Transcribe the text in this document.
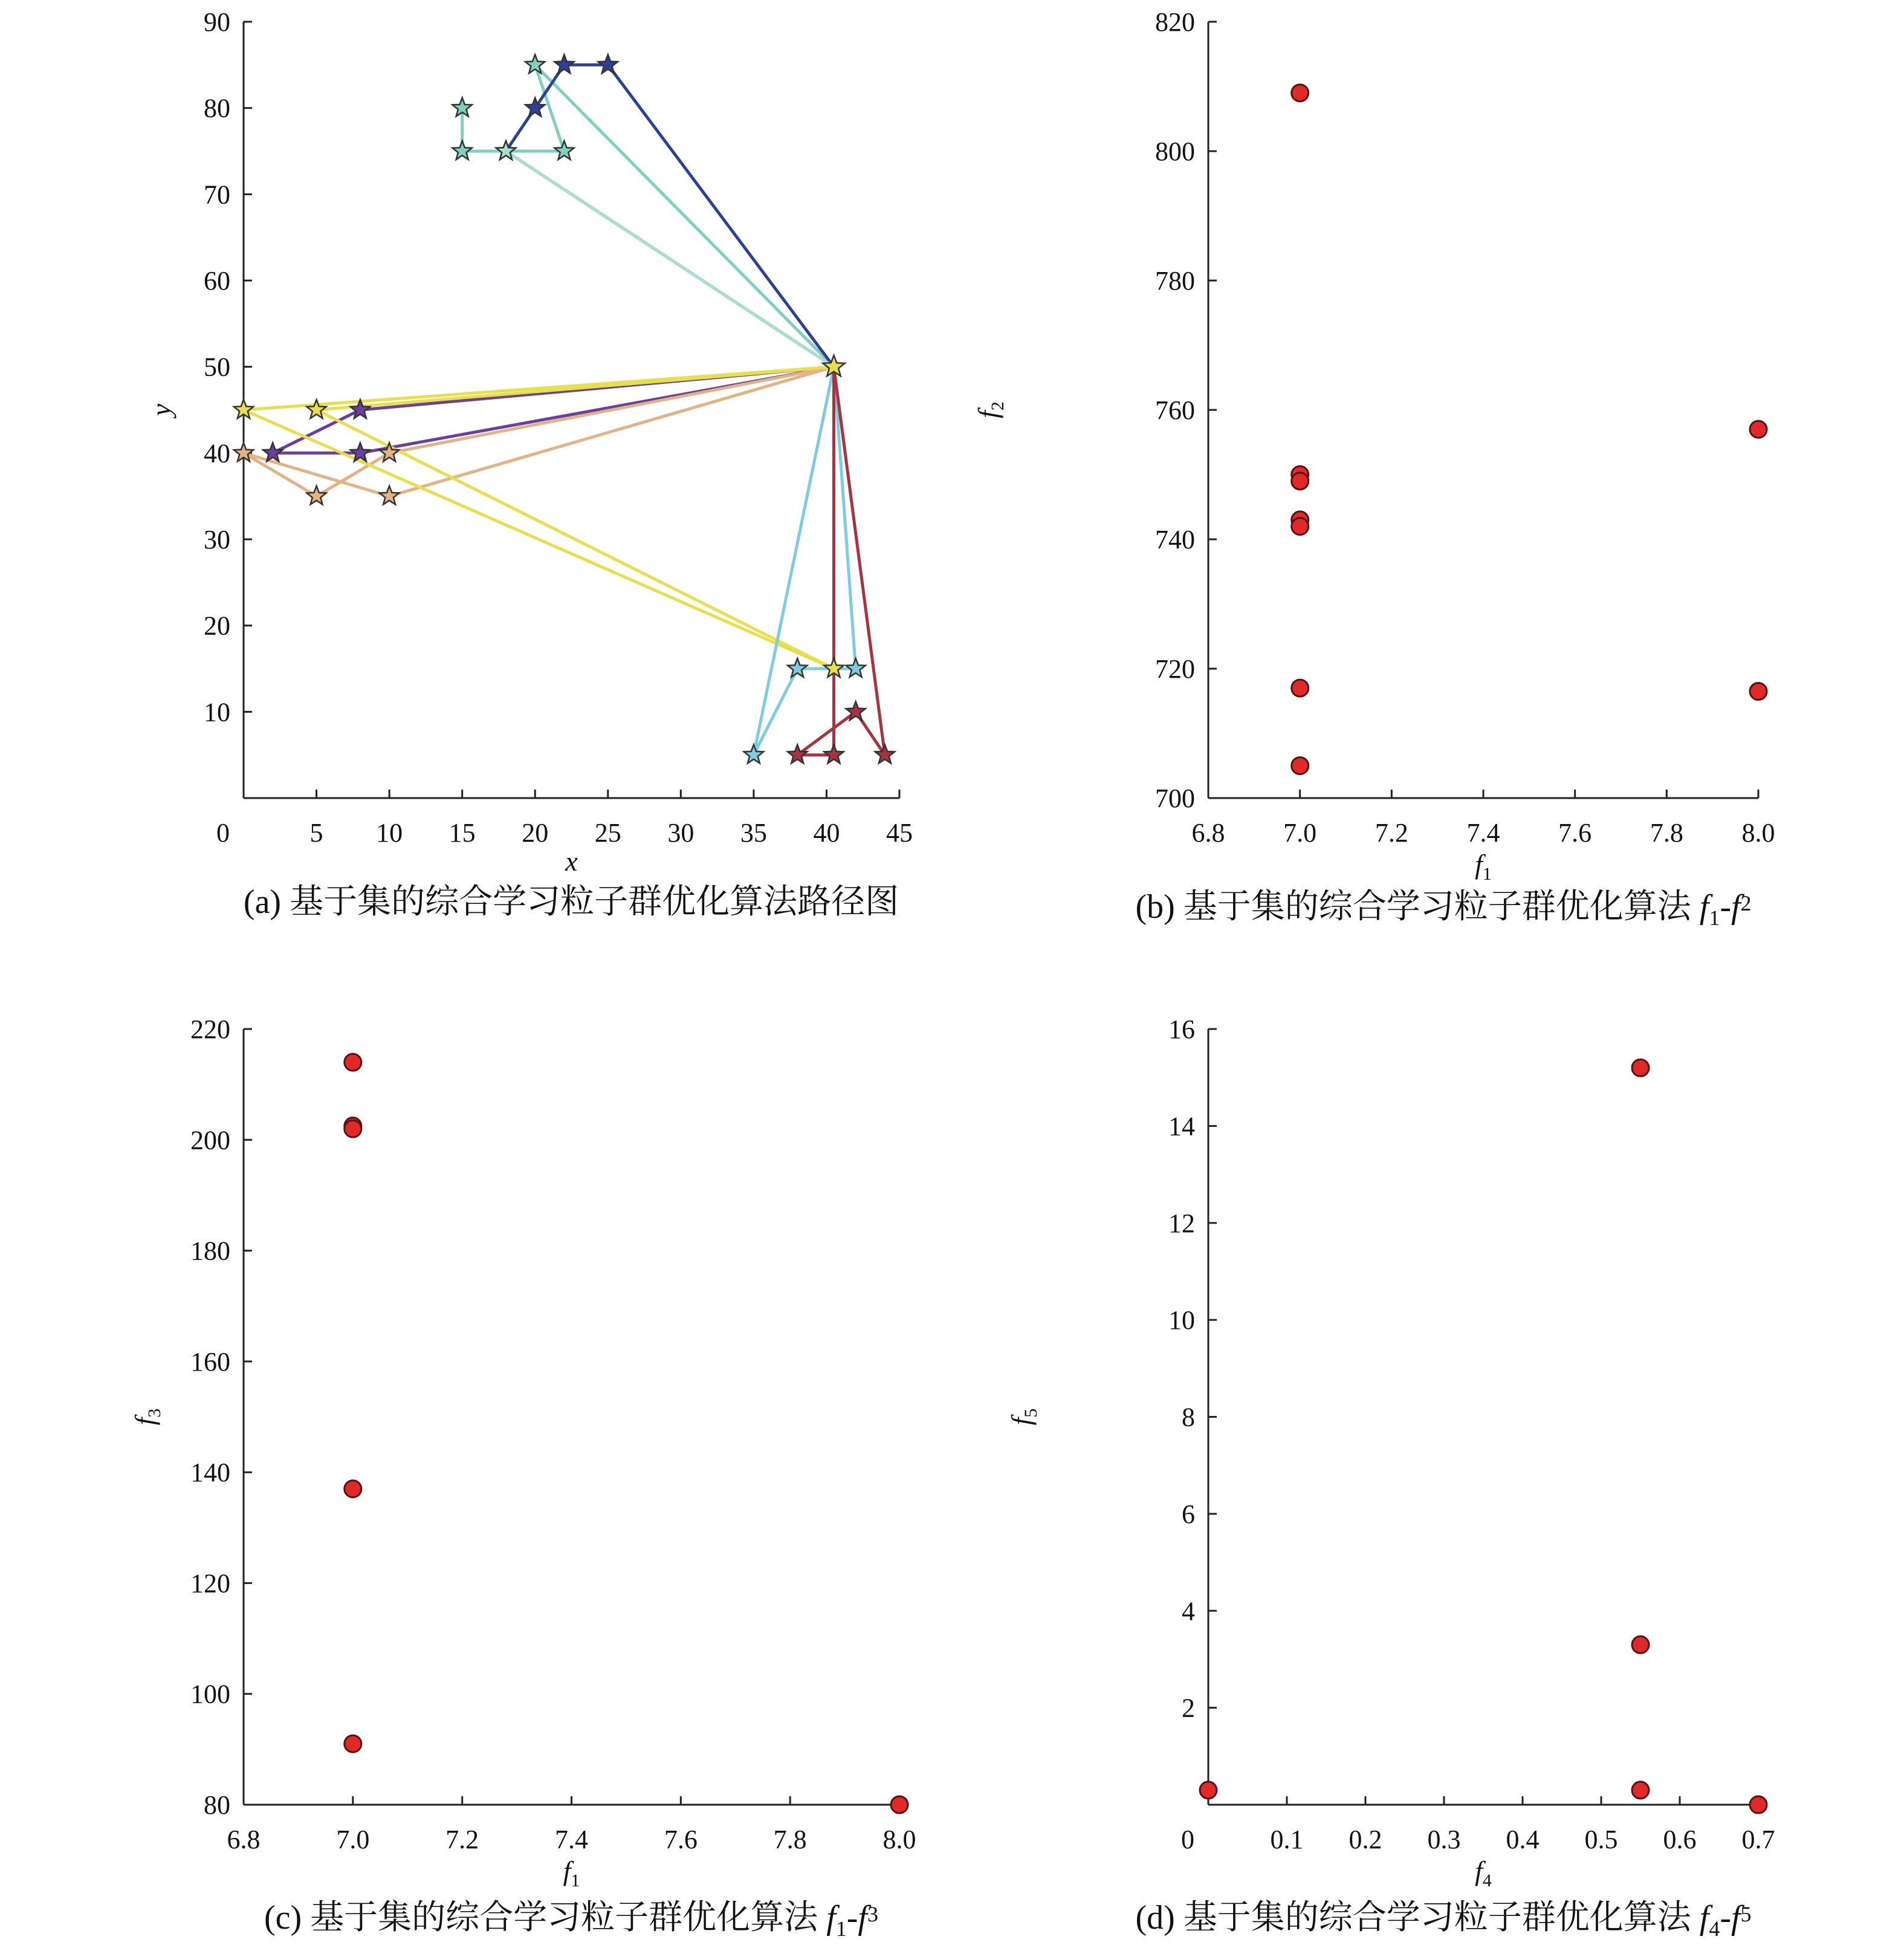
0	5 10 15 20 25 30 35 40 45
10
20
30
40
50
60
70
80
90
x
y
(a) 基于集的综合学习粒子群优化算法路径图
6.8 7.0 7.2 7.4 7.6 7.8 8.0
700
720
740
760
780
800
820
$f_1$
$f_2$
(b) 基于集的综合学习粒子群优化算法 $f_1-f^2$
6.8	7.0	7.2	7.4	7.6	7.8	8.0
80
100
120
140
160
180
200
220
$f_1$
$f_3$
(c) 基于集的综合学习粒子群优化算法 $f_1-f^3$
0	0.1 0.2 0.3 0.4 0.5 0.6 0.7
2
4
6
8
10
12
14
16
$f_4$
$f_5$
(d) 基于集的综合学习粒子群优化算法 $f_4-f^5$
